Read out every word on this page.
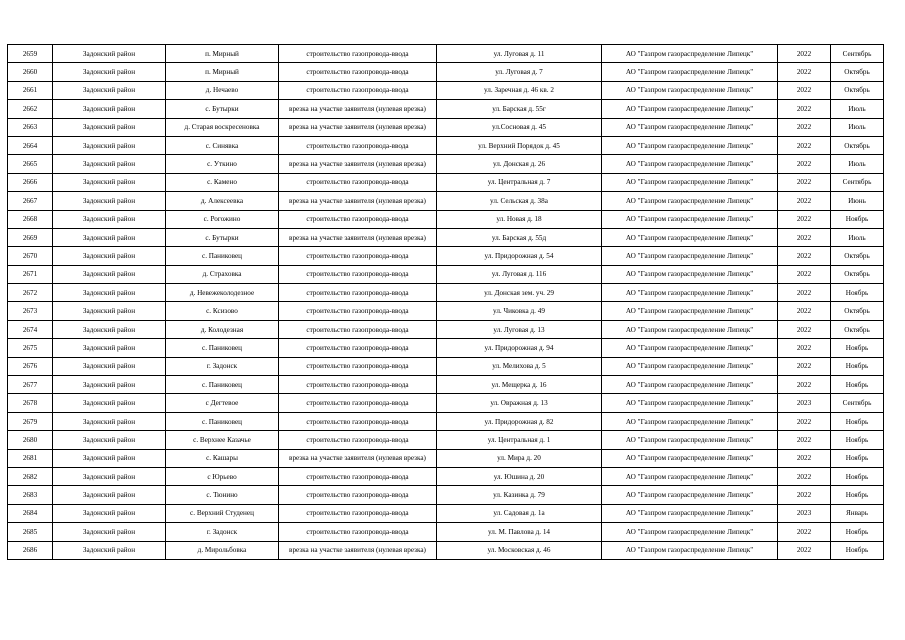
2659	Задонский район	п. Мирный	строительство газопровода-ввода	ул. Луговая д. 11	АО "Газпром газораспределение Липецк"	2022	Сентябрь
2660	Задонский район	п. Мирный	строительство газопровода-ввода	ул. Луговая д. 7	АО "Газпром газораспределение Липецк"	2022	Октябрь
2661	Задонский район	д. Нечаево	строительство газопровода-ввода	ул. Заречная д. 46 кв. 2	АО "Газпром газораспределение Липецк"	2022	Октябрь
2662	Задонский район	с. Бутырки	врезка на участке заявителя (нулевая врезка)	ул. Барская д. 55г	АО "Газпром газораспределение Липецк"	2022	Июль
2663	Задонский район	д. Старая воскресеновка	врезка на участке заявителя (нулевая врезка)	ул.Сосновая д. 45	АО "Газпром газораспределение Липецк"	2022	Июль
2664	Задонский район	с. Синявка	строительство газопровода-ввода	ул. Верхний Порядок д. 45	АО "Газпром газораспределение Липецк"	2022	Октябрь
2665	Задонский район	с. Уткино	врезка на участке заявителя (нулевая врезка)	ул. Донская д. 26	АО "Газпром газораспределение Липецк"	2022	Июль
2666	Задонский район	с. Камено	строительство газопровода-ввода	ул. Центральная д. 7	АО "Газпром газораспределение Липецк"	2022	Сентябрь
2667	Задонский район	д. Алексеевка	врезка на участке заявителя (нулевая врезка)	ул. Сельская д. 38а	АО "Газпром газораспределение Липецк"	2022	Июнь
2668	Задонский район	с. Рогожино	строительство газопровода-ввода	ул. Новая д. 18	АО "Газпром газораспределение Липецк"	2022	Ноябрь
2669	Задонский район	с. Бутырки	врезка на участке заявителя (нулевая врезка)	ул. Барская д. 55д	АО "Газпром газораспределение Липецк"	2022	Июль
2670	Задонский район	с. Паниковец	строительство газопровода-ввода	ул. Придорожная д. 54	АО "Газпром газораспределение Липецк"	2022	Октябрь
2671	Задонский район	д. Страховка	строительство газопровода-ввода	ул. Луговая д. 116	АО "Газпром газораспределение Липецк"	2022	Октябрь
2672	Задонский район	д. Невежеколодезное	строительство газопровода-ввода	ул. Донская зем. уч. 29	АО "Газпром газораспределение Липецк"	2022	Ноябрь
2673	Задонский район	с. Ксизово	строительство газопровода-ввода	ул. Чиковка д. 49	АО "Газпром газораспределение Липецк"	2022	Октябрь
2674	Задонский район	д. Колодезная	строительство газопровода-ввода	ул. Луговая д. 13	АО "Газпром газораспределение Липецк"	2022	Октябрь
2675	Задонский район	с. Паниковец	строительство газопровода-ввода	ул. Придорожная д. 94	АО "Газпром газораспределение Липецк"	2022	Ноябрь
2676	Задонский район	г. Задонск	строительство газопровода-ввода	ул. Мелихова д. 5	АО "Газпром газораспределение Липецк"	2022	Ноябрь
2677	Задонский район	с. Паниковец	строительство газопровода-ввода	ул. Мещерка д. 16	АО "Газпром газораспределение Липецк"	2022	Ноябрь
2678	Задонский район	с Дегтевое	строительство газопровода-ввода	ул. Овражная д. 13	АО "Газпром газораспределение Липецк"	2023	Сентябрь
2679	Задонский район	с. Паниковец	строительство газопровода-ввода	ул. Придорожная д. 82	АО "Газпром газораспределение Липецк"	2022	Ноябрь
2680	Задонский район	с. Верхнее Казачье	строительство газопровода-ввода	ул. Центральная д. 1	АО "Газпром газораспределение Липецк"	2022	Ноябрь
2681	Задонский район	с. Кашары	врезка на участке заявителя (нулевая врезка)	ул. Мира д. 20	АО "Газпром газораспределение Липецк"	2022	Ноябрь
2682	Задонский район	с Юрьево	строительство газопровода-ввода	ул. Юшина д. 20	АО "Газпром газораспределение Липецк"	2022	Ноябрь
2683	Задонский район	с. Тюнино	строительство газопровода-ввода	ул. Казинка д. 79	АО "Газпром газораспределение Липецк"	2022	Ноябрь
2684	Задонский район	с. Верхний Студенец	строительство газопровода-ввода	ул. Садовая д. 1а	АО "Газпром газораспределение Липецк"	2023	Январь
2685	Задонский район	г. Задонск	строительство газопровода-ввода	ул. М. Павлова д. 14	АО "Газпром газораспределение Липецк"	2022	Ноябрь
2686	Задонский район	д. Мирольбовка	врезка на участке заявителя (нулевая врезка)	ул. Московская д. 46	АО "Газпром газораспределение Липецк"	2022	Ноябрь
